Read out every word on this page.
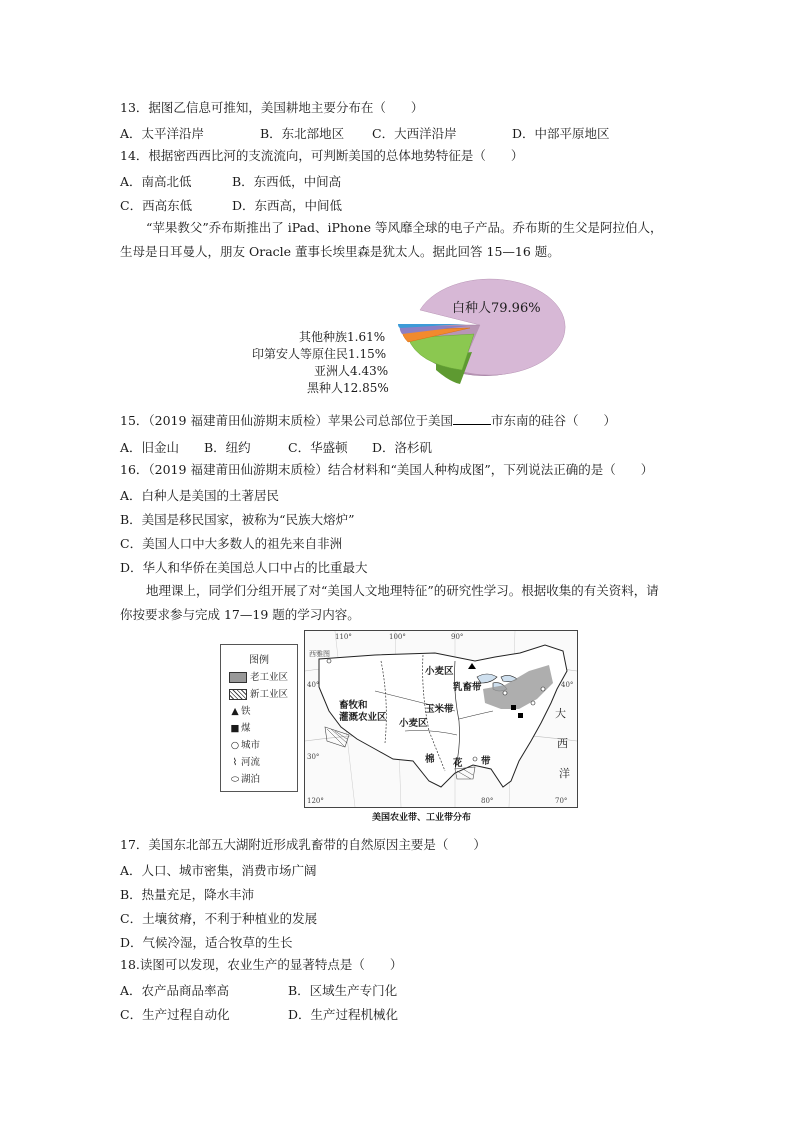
13．据图乙信息可推知，美国耕地主要分布在（　　）
A．太平洋沿岸	B．东北部地区 C．大西洋沿岸	D．中部平原地区
14．根据密西西比河的支流流向，可判断美国的总体地势特征是（　　）
A．南高北低	B．东西低，中间高
C．西高东低	D．东西高，中间低
“苹果教父”乔布斯推出了 iPad、iPhone 等风靡全球的电子产品。乔布斯的生父是阿拉伯人，
生母是日耳曼人，朋友 Oracle 董事长埃里森是犹太人。据此回答 15—16 题。
白种人79.96%
其他种族1.61%
印第安人等原住民1.15%
亚洲人4.43%
黑种人12.85%
15．（2019 福建莆田仙游期末质检）苹果公司总部位于美国	市东南的硅谷（　　）
A．旧金山 B．纽约	C．华盛顿 D．洛杉矶
16．（2019 福建莆田仙游期末质检）结合材料和“美国人种构成图”，下列说法正确的是（　　）
A．白种人是美国的土著居民
B．美国是移民国家，被称为“民族大熔炉”
C．美国人口中大多数人的祖先来自非洲
D．华人和华侨在美国总人口中占的比重最大
地理课上，同学们分组开展了对“美国人文地理特征”的研究性学习。根据收集的有关资料，请
你按要求参与完成 17—19 题的学习内容。
图例
老工业区
新工业区
▲ 铁
■ 煤
○ 城市
⌇ 河流
⬭ 湖泊
小麦区
乳畜带
畜牧和
灌溉农业区
玉米带
小麦区
棉 花 带
大
西
洋
西雅图
40°	40°
30°
120°
110°	100°	90°
80°	70°
美国农业带、工业带分布
17．美国东北部五大湖附近形成乳畜带的自然原因主要是（　　）
A．人口、城市密集，消费市场广阔
B．热量充足，降水丰沛
C．土壤贫瘠，不利于种植业的发展
D．气候冷湿，适合牧草的生长
18.读图可以发现，农业生产的显著特点是（　　）
A．农产品商品率高	B．区域生产专门化
C．生产过程自动化	D．生产过程机械化
